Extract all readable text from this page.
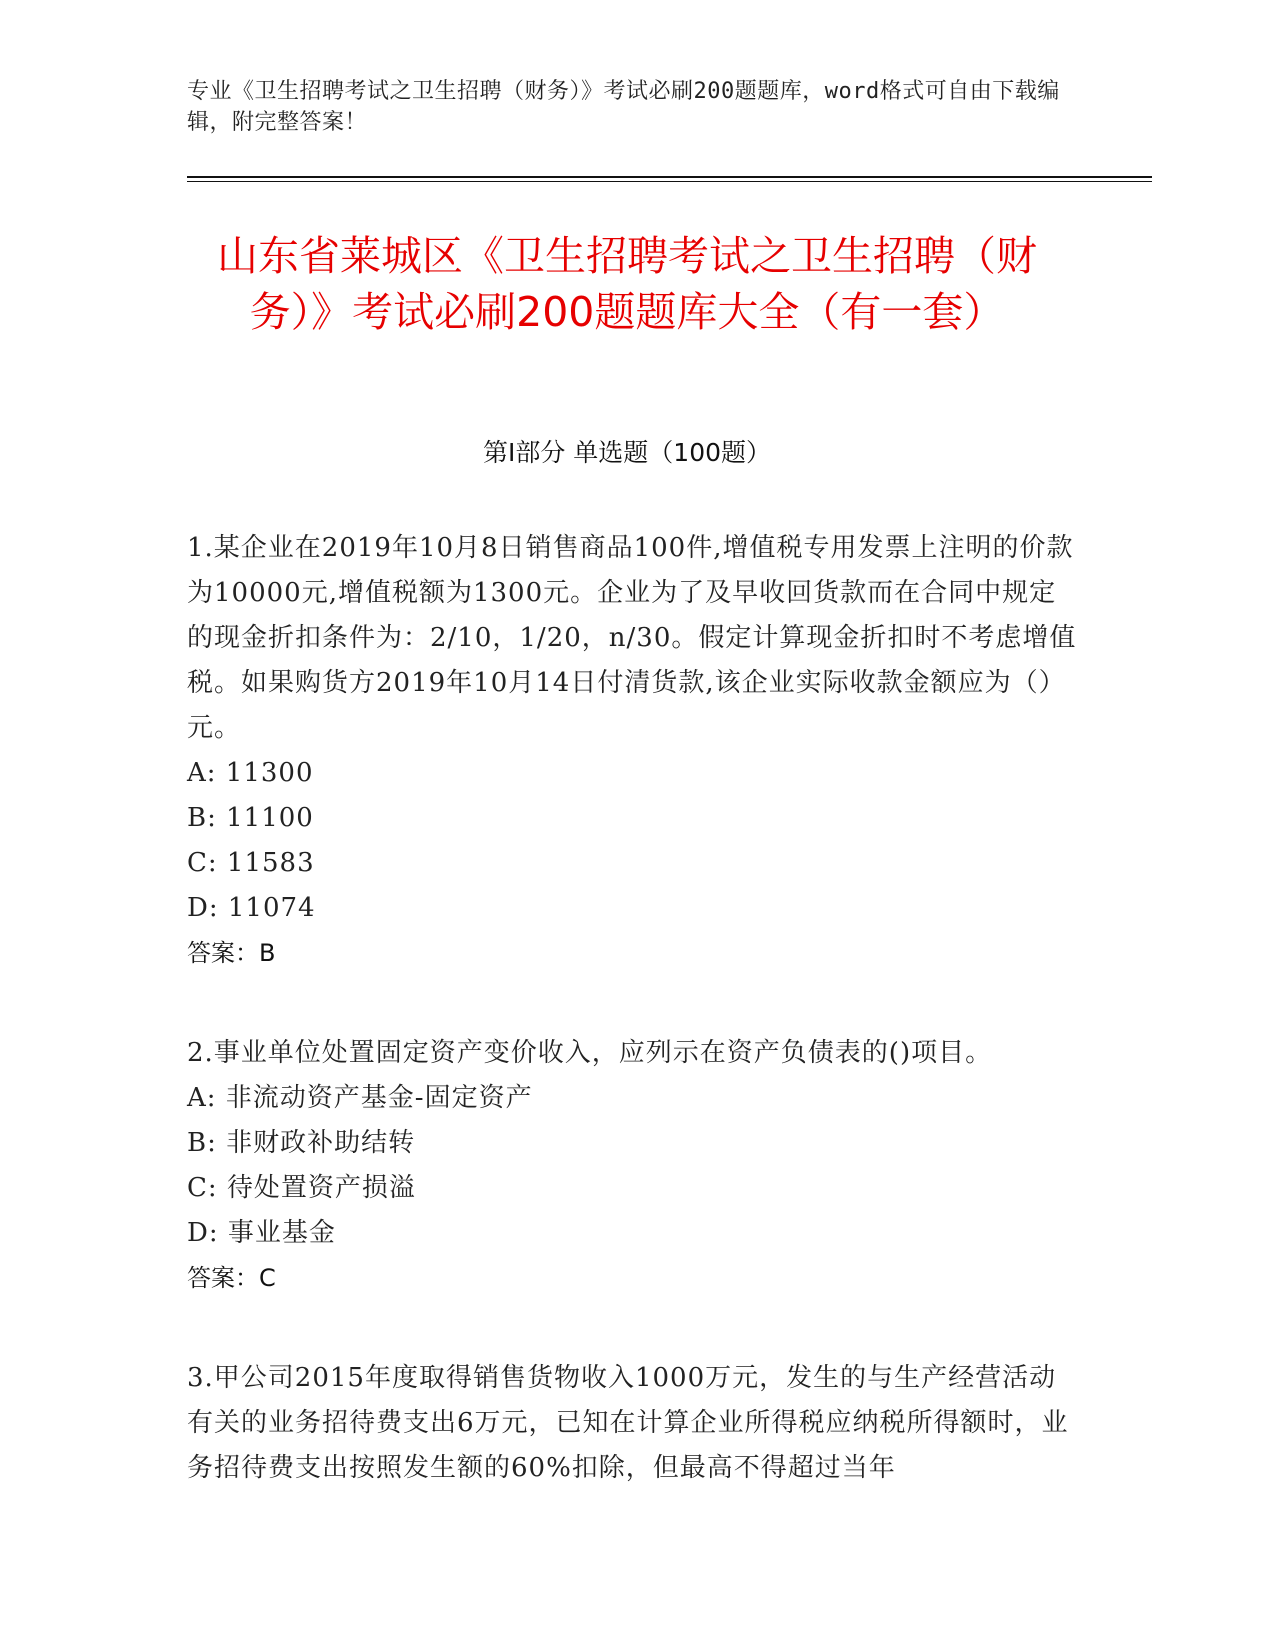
专业《卫生招聘考试之卫生招聘（财务）》考试必刷200题题库，word格式可自由下载编辑，附完整答案！
山东省莱城区《卫生招聘考试之卫生招聘（财务）》考试必刷200题题库大全（有一套）
第I部分 单选题（100题）

1.某企业在2019年10月8日销售商品100件,增值税专用发票上注明的价款为10000元,增值税额为1300元。企业为了及早收回货款而在合同中规定的现金折扣条件为：2/10，1/20，n/30。假定计算现金折扣时不考虑增值税。如果购货方2019年10月14日付清货款,该企业实际收款金额应为（）元。

A: 11300

B: 11100

C: 11583

D: 11074

答案：B

2.事业单位处置固定资产变价收入，应列示在资产负债表的()项目。

A: 非流动资产基金-固定资产

B: 非财政补助结转

C: 待处置资产损溢

D: 事业基金

答案：C

3.甲公司2015年度取得销售货物收入1000万元，发生的与生产经营活动有关的业务招待费支出6万元，已知在计算企业所得税应纳税所得额时，业务招待费支出按照发生额的60%扣除，但最高不得超过当年
